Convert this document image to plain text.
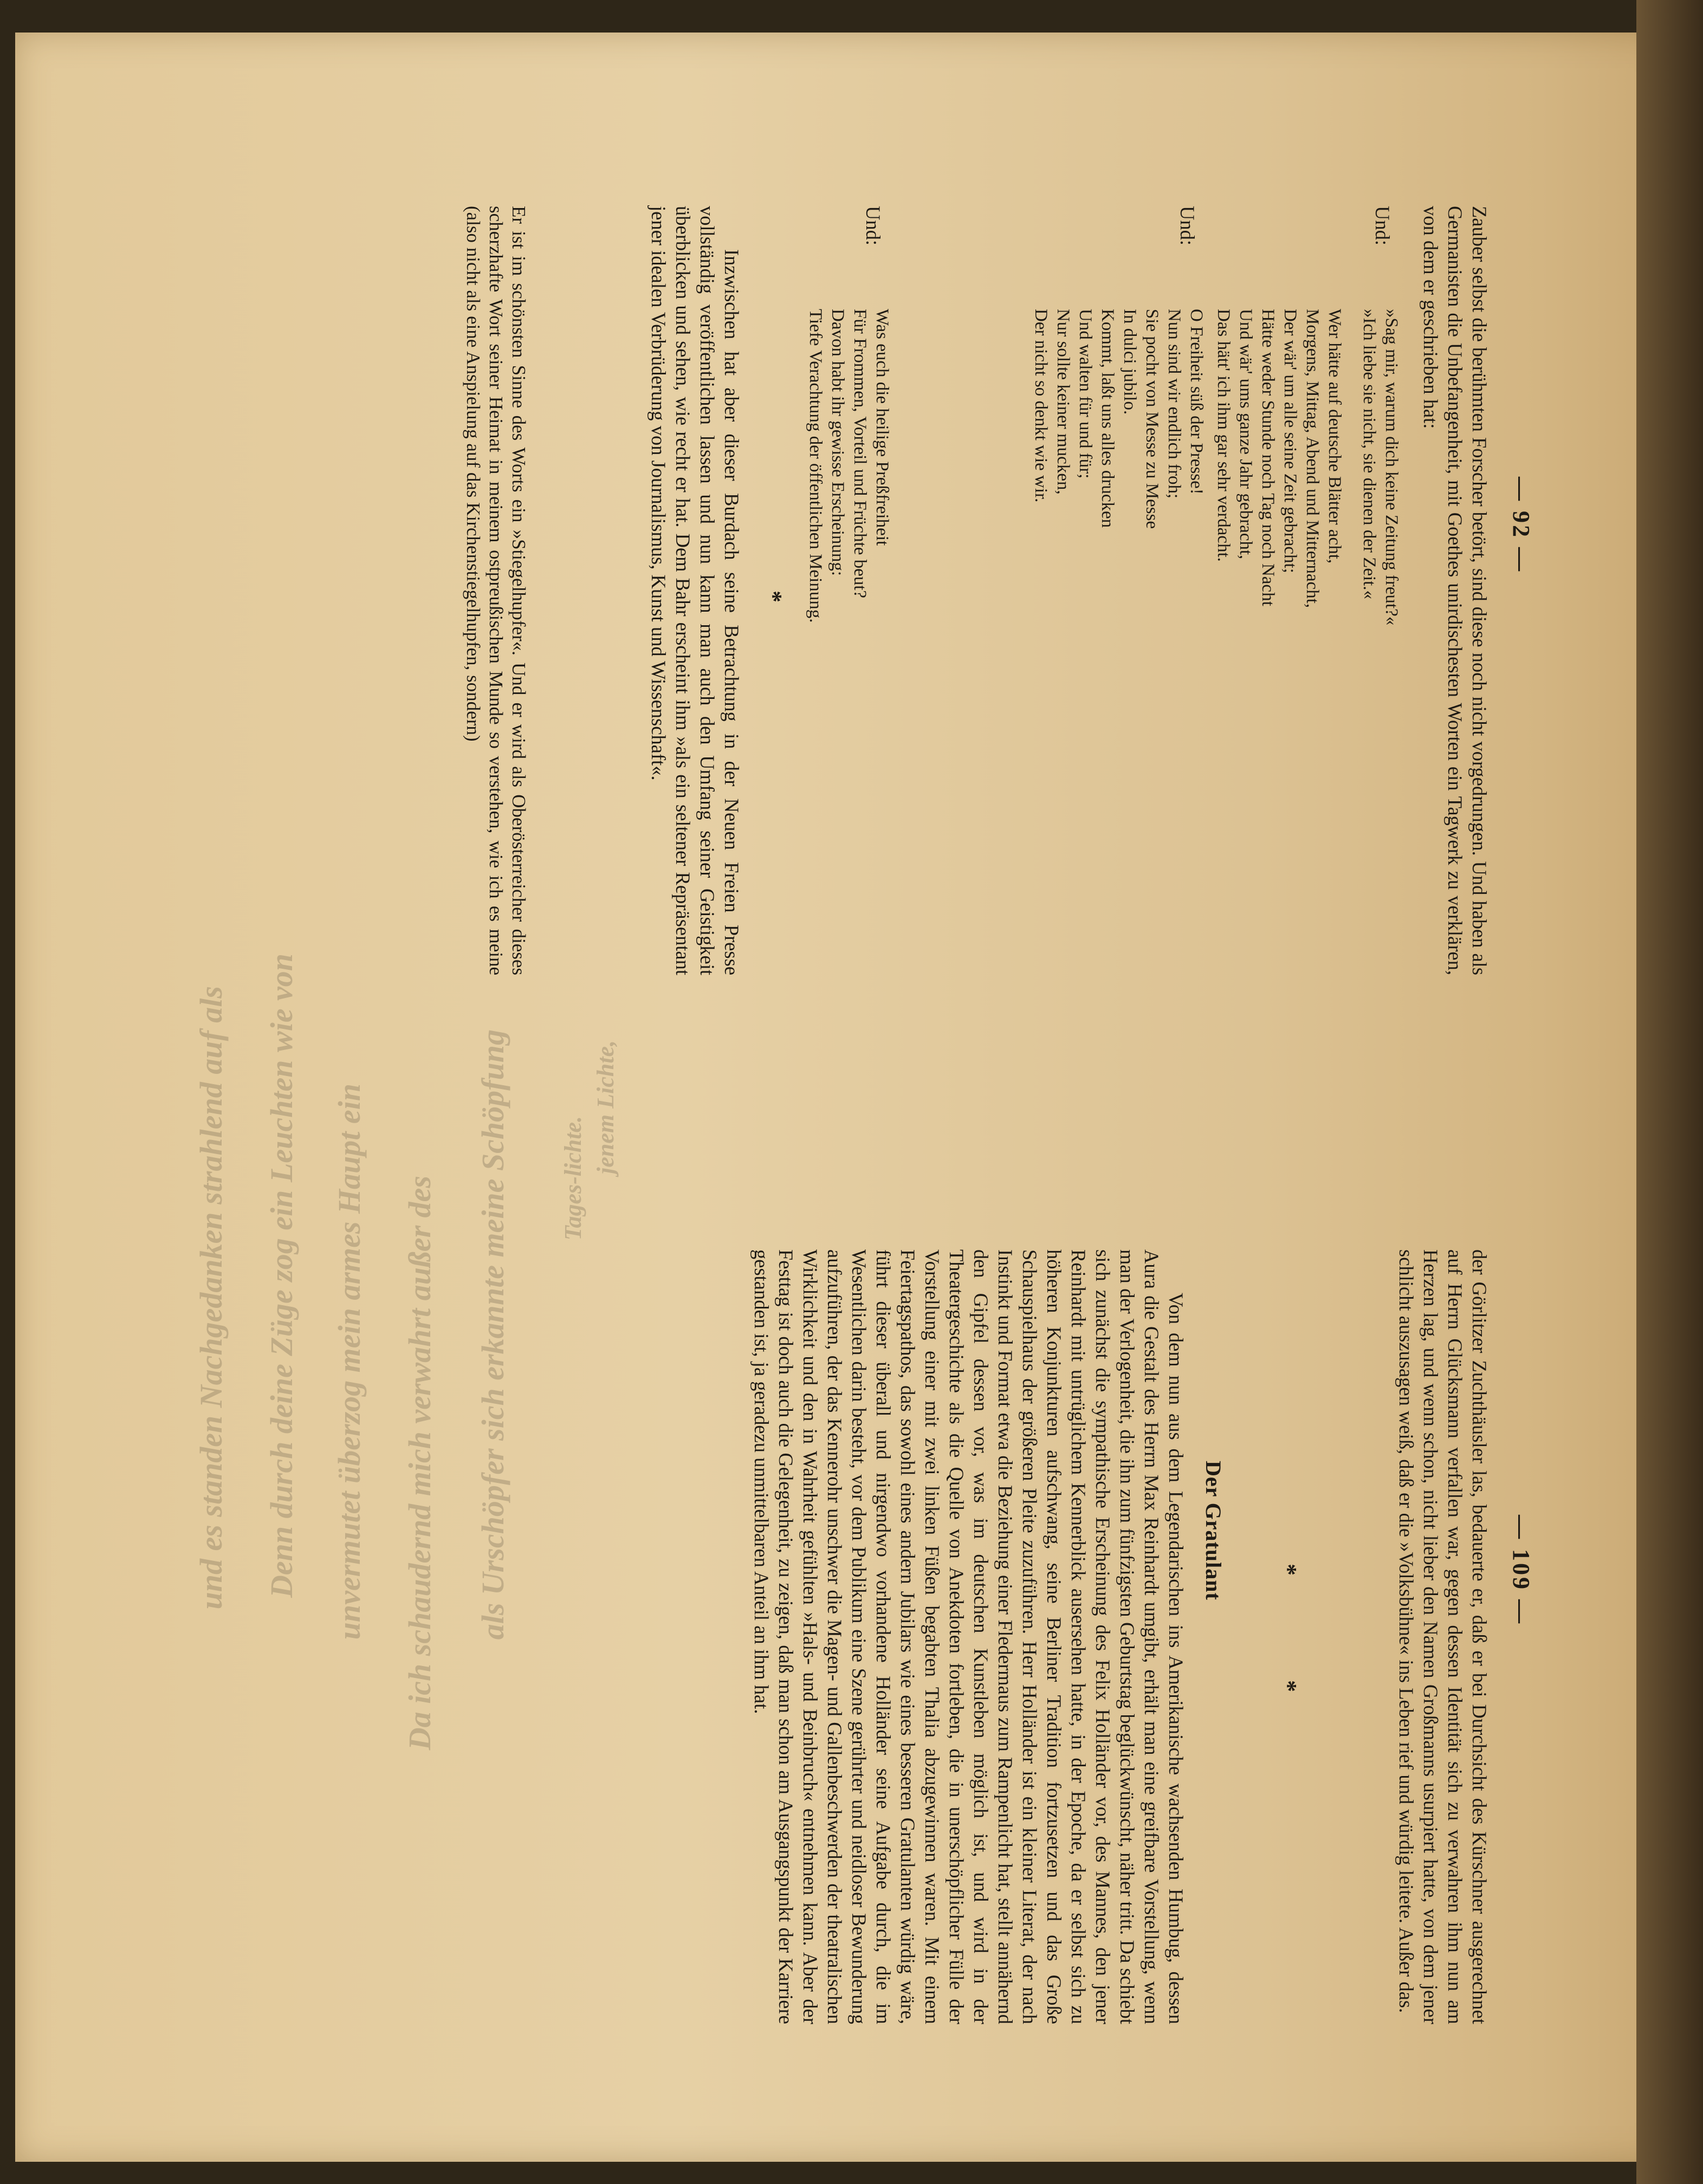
Da ich schaudernd mich verwahrt außer des
unvermutet überzog mein armes Haupt ein
Denn durch deine Züge zog ein Leuchten wie von
und es standen Nachgedanken strahlend auf als	als Urschöpfer sich erkannte meine Schöpfung	jenem Lichte,
Tages-lichte.
— 92 —

Zauber selbst die berühmten Forscher betört, sind diese noch nicht vorgedrungen. Und haben als Germanisten die Unbefangenheit, mit Goethes unirdischesten Worten ein Tagwerk zu verklären, von dem er geschrieben hat:

Und:
»Sag mir, warum dich keine Zeitung freut?«
»Ich liebe sie nicht, sie dienen der Zeit.«
Wer hätte auf deutsche Blätter acht,
Morgens, Mittag, Abend und Mitternacht,
Der wär' um alle seine Zeit gebracht;
Hätte weder Stunde noch Tag noch Nacht
Und wär' ums ganze Jahr gebracht,
Das hätt' ich ihm gar sehr verdacht.
Und:
O Freiheit süß der Presse!
Nun sind wir endlich froh;
Sie pocht von Messe zu Messe
In dulci jubilo.
Kommt, laßt uns alles drucken
Und walten für und für;
Nur sollte keiner mucken,
Der nicht so denkt wie wir.
Und:
Was euch die heilige Preßfreiheit
Für Frommen, Vorteil und Früchte beut?
Davon habt ihr gewisse Erscheinung:
Tiefe Verachtung der öffentlichen Meinung.
*

Inzwischen hat aber dieser Burdach seine Betrachtung in der Neuen Freien Presse vollständig veröffentlichen lassen und nun kann man auch den Umfang seiner Geistigkeit überblicken und sehen, wie recht er hat. Dem Bahr erscheint ihm »als ein seltener Repräsentant jener idealen Verbrüderung von Journalismus, Kunst und Wissenschaft«.

Er ist im schönsten Sinne des Worts ein »Stiegelhupfer«. Und er wird als Oberösterreicher dieses scherzhafte Wort seiner Heimat in meinem ostpreußischen Munde so verstehen, wie ich es meine (also nicht als eine Anspielung auf das Kirchenstiegelhupfen, sondern)

— 109 —

der Görlitzer Zuchthäusler las, bedauerte er, daß er bei Durchsicht des Kürschner ausgerechnet auf Herrn Glücksmann verfallen war, gegen dessen Identität sich zu verwahren ihm nun am Herzen lag, und wenn schon, nicht lieber den Namen Großmanns usurpiert hatte, von dem jener schlicht auszusagen weiß, daß er die »Volksbühne« ins Leben rief und würdig leitete. Außer das.

*   *
Der Gratulant

Von dem nun aus dem Legendarischen ins Amerikanische wachsenden Humbug, dessen Aura die Gestalt des Herrn Max Reinhardt umgibt, erhält man eine greifbare Vorstellung, wenn man der Verlogenheit, die ihn zum fünfzigsten Geburtstag beglückwünscht, näher tritt. Da schiebt sich zunächst die sympathische Erscheinung des Felix Holländer vor, des Mannes, den jener Reinhardt mit untrüglichem Kennerblick ausersehen hatte, in der Epoche, da er selbst sich zu höheren Konjunkturen aufschwang, seine Berliner Tradition fortzusetzen und das Große Schauspielhaus der größeren Pleite zuzuführen. Herr Holländer ist ein kleiner Literat, der nach Instinkt und Format etwa die Beziehung einer Fledermaus zum Rampenlicht hat, stellt annähernd den Gipfel dessen vor, was im deutschen Kunstleben möglich ist, und wird in der Theatergeschichte als die Quelle von Anekdoten fortleben, die in unerschöpflicher Fülle der Vorstellung einer mit zwei linken Füßen begabten Thalia abzugewinnen waren. Mit einem Feiertagspathos, das sowohl eines andern Jubilars wie eines besseren Gratulanten würdig wäre, führt dieser überall und nirgendwo vorhandene Holländer seine Aufgabe durch, die im Wesentlichen darin besteht, vor dem Publikum eine Szene gerührter und neidloser Bewunderung aufzuführen, der das Kennerohr unschwer die Magen- und Gallenbeschwerden der theatralischen Wirklichkeit und den in Wahrheit gefühlten »Hals- und Beinbruch« entnehmen kann. Aber der Festtag ist doch auch die Gelegenheit, zu zeigen, daß man schon am Ausgangspunkt der Karriere gestanden ist, ja geradezu unmittelbaren Anteil an ihm hat.
